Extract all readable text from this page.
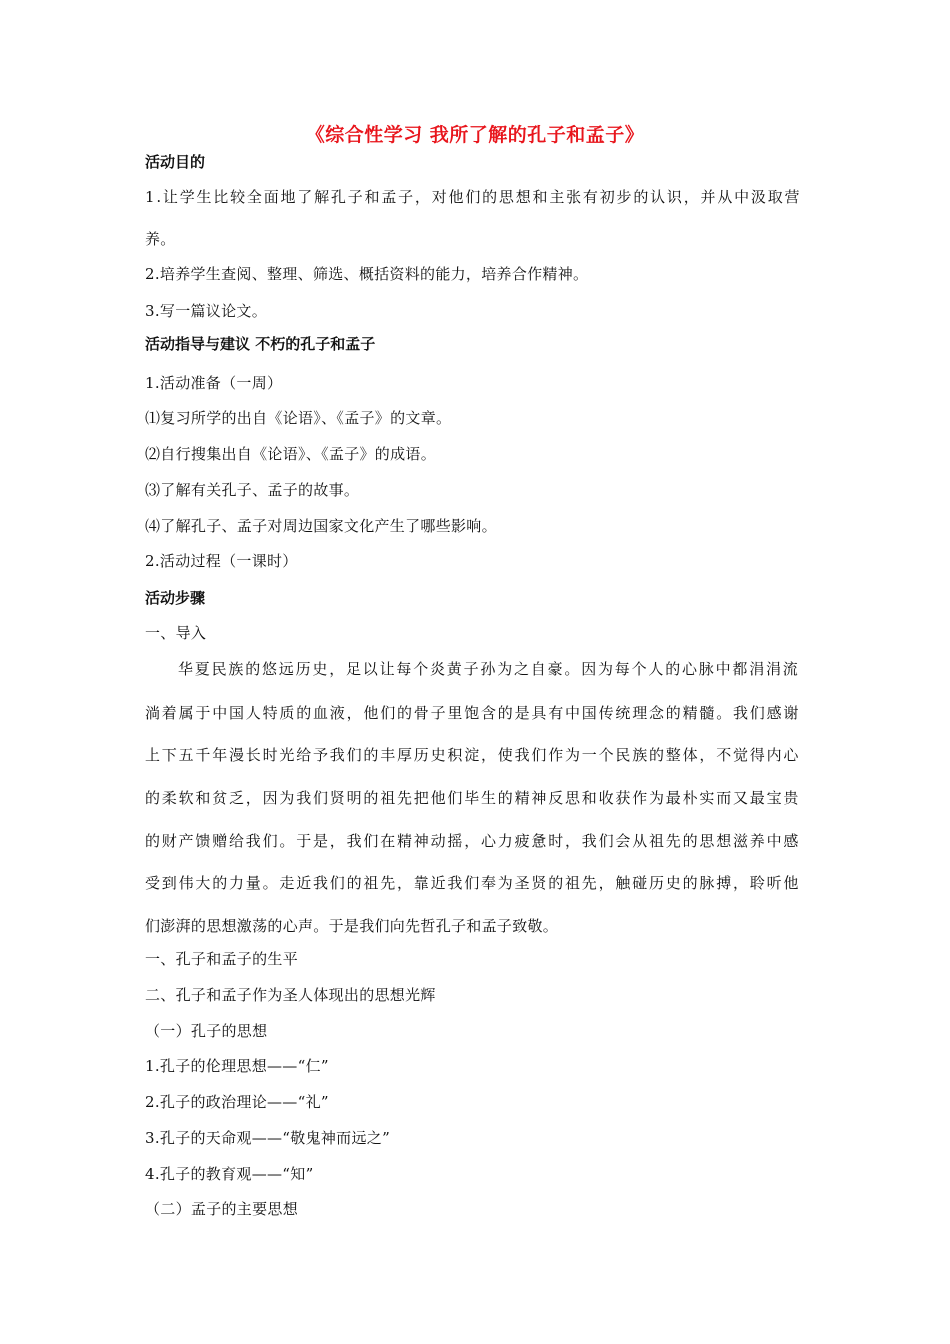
《综合性学习 我所了解的孔子和孟子》
活动目的
1.让学生比较全面地了解孔子和孟子，对他们的思想和主张有初步的认识，并从中汲取营
养。
2.培养学生查阅、整理、筛选、概括资料的能力，培养合作精神。
3.写一篇议论文。
活动指导与建议 不朽的孔子和孟子
1.活动准备（一周）
⑴复习所学的出自《论语》、《孟子》的文章。
⑵自行搜集出自《论语》、《孟子》的成语。
⑶了解有关孔子、孟子的故事。
⑷了解孔子、孟子对周边国家文化产生了哪些影响。
2.活动过程（一课时）
活动步骤
一、导入
华夏民族的悠远历史，足以让每个炎黄子孙为之自豪。因为每个人的心脉中都涓涓流
淌着属于中国人特质的血液，他们的骨子里饱含的是具有中国传统理念的精髓。我们感谢
上下五千年漫长时光给予我们的丰厚历史积淀，使我们作为一个民族的整体，不觉得内心
的柔软和贫乏，因为我们贤明的祖先把他们毕生的精神反思和收获作为最朴实而又最宝贵
的财产馈赠给我们。于是，我们在精神动摇，心力疲惫时，我们会从祖先的思想滋养中感
受到伟大的力量。走近我们的祖先，靠近我们奉为圣贤的祖先，触碰历史的脉搏，聆听他
们澎湃的思想激荡的心声。于是我们向先哲孔子和孟子致敬。
一、孔子和孟子的生平
二、孔子和孟子作为圣人体现出的思想光辉
（一）孔子的思想
1.孔子的伦理思想——“仁”
2.孔子的政治理论——“礼”
3.孔子的天命观——“敬鬼神而远之”
4.孔子的教育观——“知”
（二）孟子的主要思想
